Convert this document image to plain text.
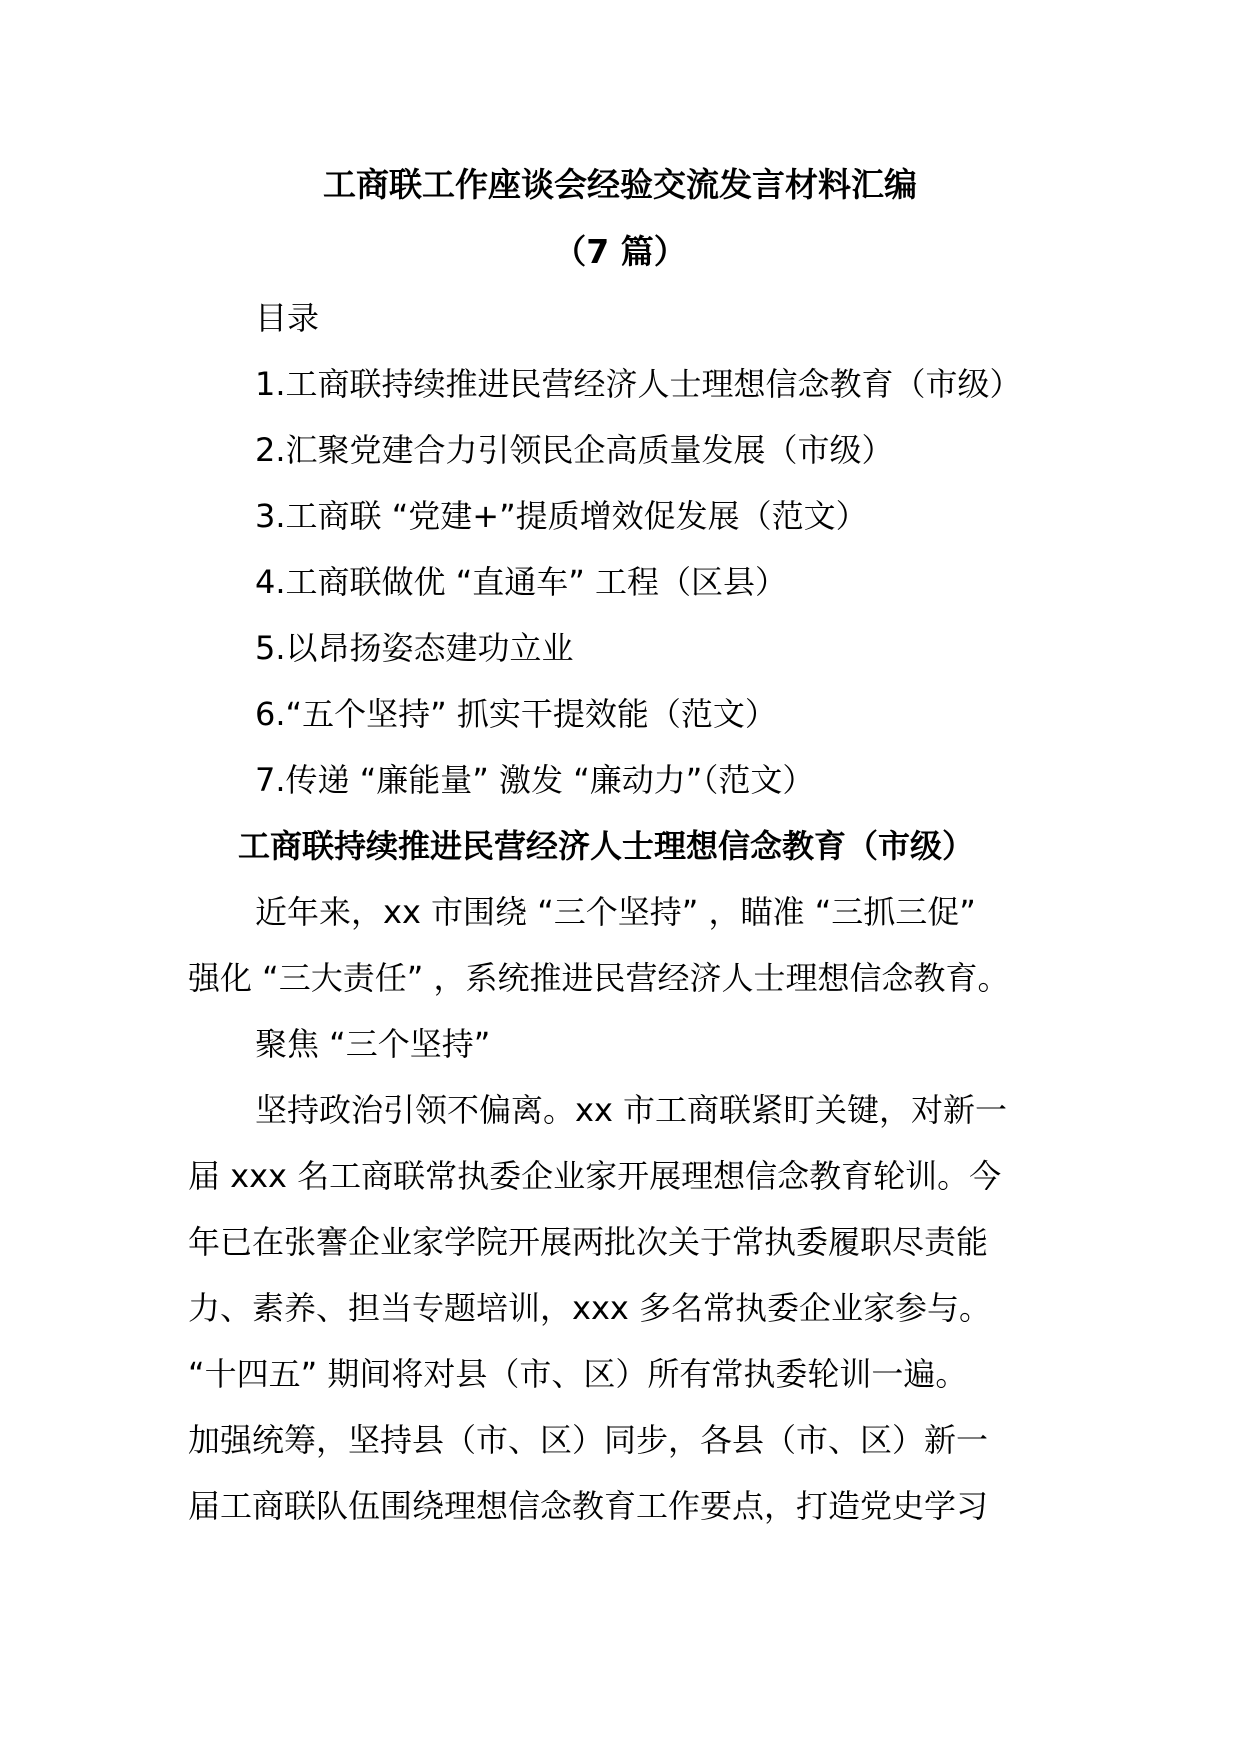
工商联工作座谈会经验交流发言材料汇编
（7 篇）
目录
1.工商联持续推进民营经济人士理想信念教育（市级）
2.汇聚党建合力引领民企高质量发展（市级）
3.工商联 “党建+”提质增效促发展（范文）
4.工商联做优 “直通车” 工程（区县）
5.以昂扬姿态建功立业
6.“五个坚持” 抓实干提效能（范文）
7.传递 “廉能量” 激发 “廉动力”（范文）
工商联持续推进民营经济人士理想信念教育（市级）
近年来，xx 市围绕 “三个坚持” ，瞄准 “三抓三促”
强化 “三大责任” ，系统推进民营经济人士理想信念教育。
聚焦 “三个坚持”
坚持政治引领不偏离。xx 市工商联紧盯关键，对新一
届 xxx 名工商联常执委企业家开展理想信念教育轮训。今
年已在张謇企业家学院开展两批次关于常执委履职尽责能
力、素养、担当专题培训，xxx 多名常执委企业家参与。
“十四五” 期间将对县（市、区）所有常执委轮训一遍。
加强统筹，坚持县（市、区）同步，各县（市、区）新一
届工商联队伍围绕理想信念教育工作要点，打造党史学习
